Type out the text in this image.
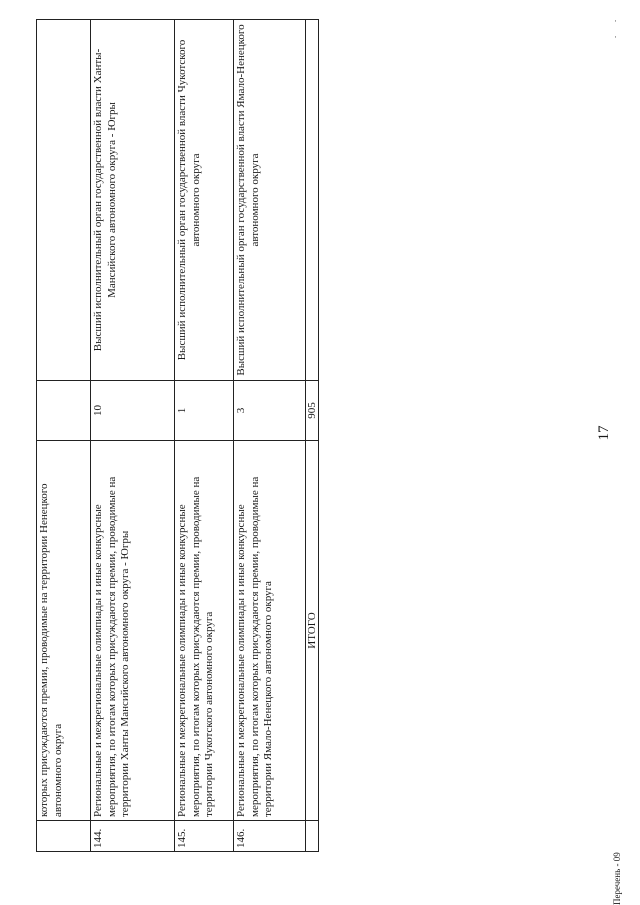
	которых присуждаются премии, проводимые на территории Ненецкого автономного округа		
144.	Региональные и межрегиональные олимпиады и иные конкурсные мероприятия, по итогам которых присуждаются премии, проводимые на территории Ханты Мансийского автономного округа - Югры	10	Высший исполнительный орган государственной власти Ханты-Мансийского автономного округа - Югры
145.	Региональные и межрегиональные олимпиады и иные конкурсные мероприятия, по итогам которых присуждаются премии, проводимые на территории Чукотского автономного округа	1	Высший исполнительный орган государственной власти Чукотского автономного округа
146.	Региональные и межрегиональные олимпиады и иные конкурсные мероприятия, по итогам которых присуждаются премии, проводимые на территории Ямало-Ненецкого автономного округа	3	Высший исполнительный орган государственной власти Ямало-Ненецкого автономного округа
	ИТОГО	905	
17
Перечень - 09
·
·
